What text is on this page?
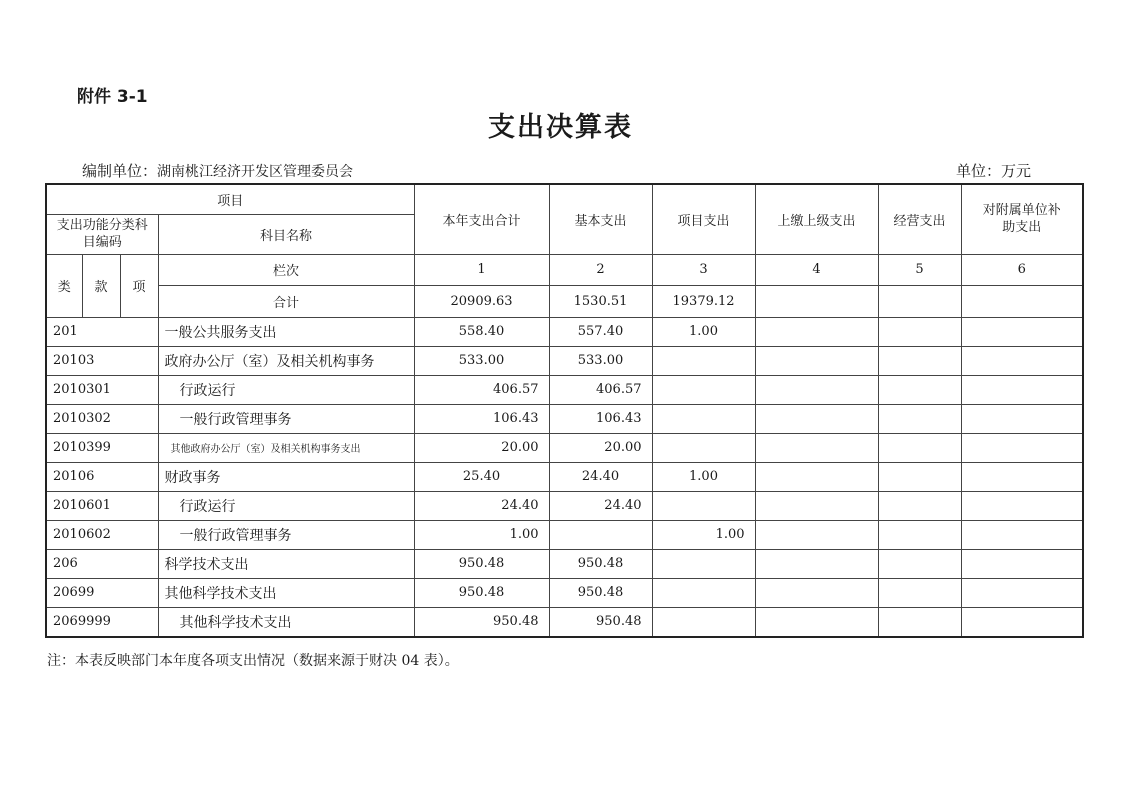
附件 3-1
支出决算表
编制单位：湖南桃江经济开发区管理委员会	单位：万元
项目				本年支出合计	基本支出	项目支出	上缴上级支出	经营支出	对附属单位补助支出
支出功能分类科目编码			科目名称						
类	款	项	栏次	1	2	3	4	5	6
			合计	20909.63	1530.51	19379.12			
201			一般公共服务支出	558.40	557.40	1.00			
20103			政府办公厅（室）及相关机构事务	533.00	533.00				
2010301			行政运行	406.57	406.57				
2010302			一般行政管理事务	106.43	106.43				
2010399			其他政府办公厅（室）及相关机构事务支出	20.00	20.00				
20106			财政事务	25.40	24.40	1.00			
2010601			行政运行	24.40	24.40				
2010602			一般行政管理事务	1.00		1.00			
206			科学技术支出	950.48	950.48				
20699			其他科学技术支出	950.48	950.48				
2069999			其他科学技术支出	950.48	950.48				
注：本表反映部门本年度各项支出情况（数据来源于财决 04 表）。
